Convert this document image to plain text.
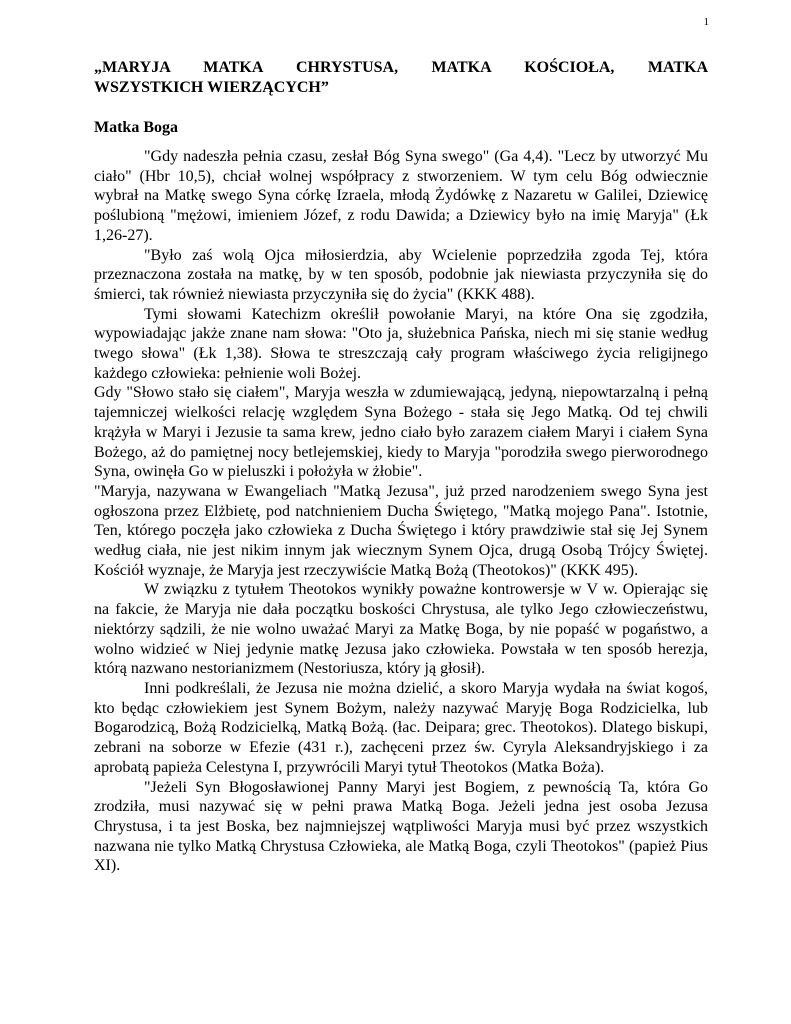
1
„MARYJA MATKA CHRYSTUSA, MATKA KOŚCIOŁA, MATKA
WSZYSTKICH WIERZĄCYCH”
Matka Boga

"Gdy nadeszła pełnia czasu, zesłał Bóg Syna swego" (Ga 4,4). "Lecz by utworzyć Mu ciało" (Hbr 10,5), chciał wolnej współpracy z stworzeniem. W tym celu Bóg odwiecznie wybrał na Matkę swego Syna córkę Izraela, młodą Żydówkę z Nazaretu w Galilei, Dziewicę poślubioną "mężowi, imieniem Józef, z rodu Dawida; a Dziewicy było na imię Maryja" (Łk 1,26-27).

"Było zaś wolą Ojca miłosierdzia, aby Wcielenie poprzedziła zgoda Tej, która przeznaczona została na matkę, by w ten sposób, podobnie jak niewiasta przyczyniła się do śmierci, tak również niewiasta przyczyniła się do życia" (KKK 488).

Tymi słowami Katechizm określił powołanie Maryi, na które Ona się zgodziła, wypowiadając jakże znane nam słowa: "Oto ja, służebnica Pańska, niech mi się stanie według twego słowa" (Łk 1,38). Słowa te streszczają cały program właściwego życia religijnego każdego człowieka: pełnienie woli Bożej.

Gdy "Słowo stało się ciałem", Maryja weszła w zdumiewającą, jedyną, niepowtarzalną i pełną tajemniczej wielkości relację względem Syna Bożego - stała się Jego Matką. Od tej chwili krążyła w Maryi i Jezusie ta sama krew, jedno ciało było zarazem ciałem Maryi i ciałem Syna Bożego, aż do pamiętnej nocy betlejemskiej, kiedy to Maryja "porodziła swego pierworodnego Syna, owinęła Go w pieluszki i położyła w żłobie".

"Maryja, nazywana w Ewangeliach "Matką Jezusa", już przed narodzeniem swego Syna jest ogłoszona przez Elżbietę, pod natchnieniem Ducha Świętego, "Matką mojego Pana". Istotnie, Ten, którego poczęła jako człowieka z Ducha Świętego i który prawdziwie stał się Jej Synem według ciała, nie jest nikim innym jak wiecznym Synem Ojca, drugą Osobą Trójcy Świętej. Kościół wyznaje, że Maryja jest rzeczywiście Matką Bożą (Theotokos)" (KKK 495).

W związku z tytułem Theotokos wynikły poważne kontrowersje w V w. Opierając się na fakcie, że Maryja nie dała początku boskości Chrystusa, ale tylko Jego człowieczeństwu, niektórzy sądzili, że nie wolno uważać Maryi za Matkę Boga, by nie popaść w pogaństwo, a wolno widzieć w Niej jedynie matkę Jezusa jako człowieka. Powstała w ten sposób herezja, którą nazwano nestorianizmem (Nestoriusza, który ją głosił).

Inni podkreślali, że Jezusa nie można dzielić, a skoro Maryja wydała na świat kogoś, kto będąc człowiekiem jest Synem Bożym, należy nazywać Maryję Boga Rodzicielka, lub Bogarodzicą, Bożą Rodzicielką, Matką Bożą. (łac. Deipara; grec. Theotokos). Dlatego biskupi, zebrani na soborze w Efezie (431 r.), zachęceni przez św. Cyryla Aleksandryjskiego i za aprobatą papieża Celestyna I, przywrócili Maryi tytuł Theotokos (Matka Boża).

"Jeżeli Syn Błogosławionej Panny Maryi jest Bogiem, z pewnością Ta, która Go zrodziła, musi nazywać się w pełni prawa Matką Boga. Jeżeli jedna jest osoba Jezusa Chrystusa, i ta jest Boska, bez najmniejszej wątpliwości Maryja musi być przez wszystkich nazwana nie tylko Matką Chrystusa Człowieka, ale Matką Boga, czyli Theotokos" (papież Pius XI).
